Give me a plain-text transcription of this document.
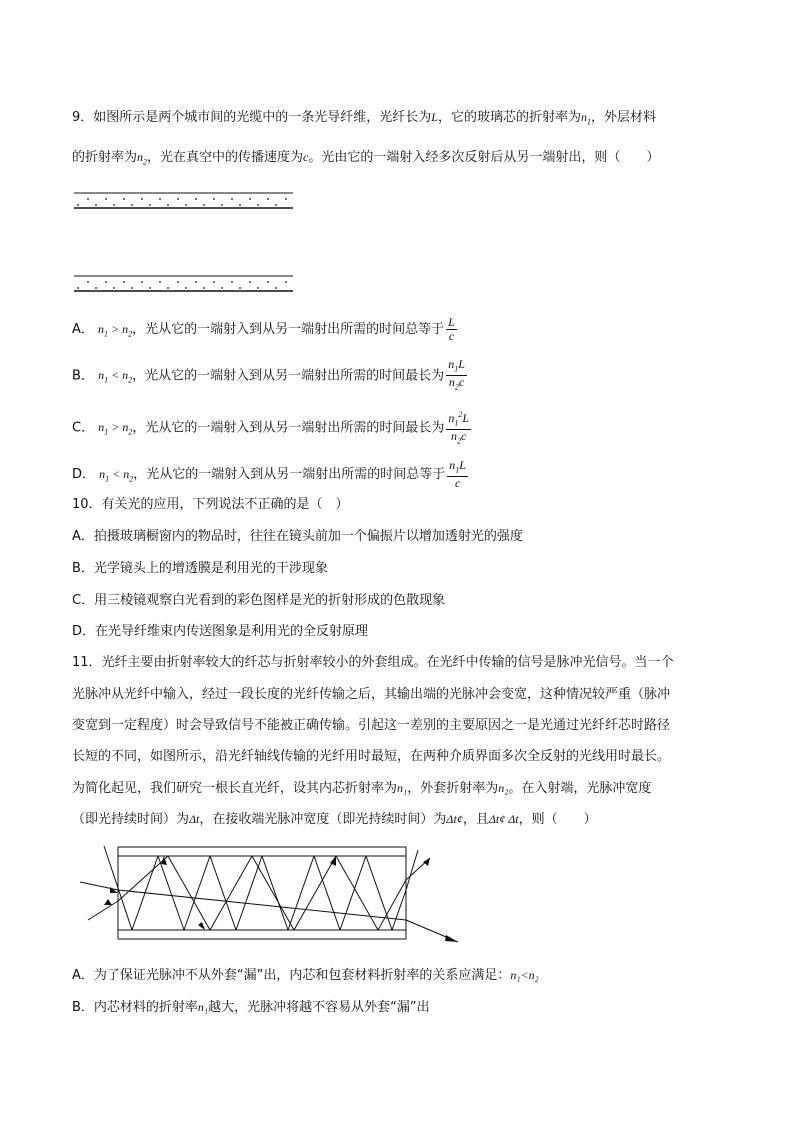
9．如图所示是两个城市间的光缆中的一条光导纤维，光纤长为L，它的玻璃芯的折射率为$n_1$，外层材料
的折射率为$n_2$，光在真空中的传播速度为c。光由它的一端射入经多次反射后从另一端射出，则（　　）
A． $n_1 > n_2$，光从它的一端射入到从另一端射出所需的时间总等于 $\frac{L}{c}$
B． $n_1 < n_2$，光从它的一端射入到从另一端射出所需的时间最长为 $\frac{n_1L}{n_2c}$
C． $n_1 > n_2$，光从它的一端射入到从另一端射出所需的时间最长为 $\frac{n_1^2L}{n_2c}$
D． $n_1 < n_2$，光从它的一端射入到从另一端射出所需的时间总等于 $\frac{n_1L}{c}$
10．有关光的应用，下列说法不正确的是（　）
A．拍摄玻璃橱窗内的物品时，往往在镜头前加一个偏振片以增加透射光的强度
B．光学镜头上的增透膜是利用光的干涉现象
C．用三棱镜观察白光看到的彩色图样是光的折射形成的色散现象
D．在光导纤维束内传送图象是利用光的全反射原理
11．光纤主要由折射率较大的纤芯与折射率较小的外套组成。在光纤中传输的信号是脉冲光信号。当一个
光脉冲从光纤中输入，经过一段长度的光纤传输之后，其输出端的光脉冲会变宽，这种情况较严重（脉冲
变宽到一定程度）时会导致信号不能被正确传输。引起这一差别的主要原因之一是光通过光纤纤芯时路径
长短的不同，如图所示，沿光纤轴线传输的光纤用时最短，在两种介质界面多次全反射的光线用时最长。
为简化起见，我们研究一根长直光纤，设其内芯折射率为n₁，外套折射率为n₂。在入射端，光脉冲宽度
（即光持续时间）为Δt，在接收端光脉冲宽度（即光持续时间）为Δt¢，且Δt¢ Δt，则（　　）
A．为了保证光脉冲不从外套“漏”出，内芯和包套材料折射率的关系应满足：n₁<n₂
B．内芯材料的折射率n₁越大，光脉冲将越不容易从外套“漏”出
